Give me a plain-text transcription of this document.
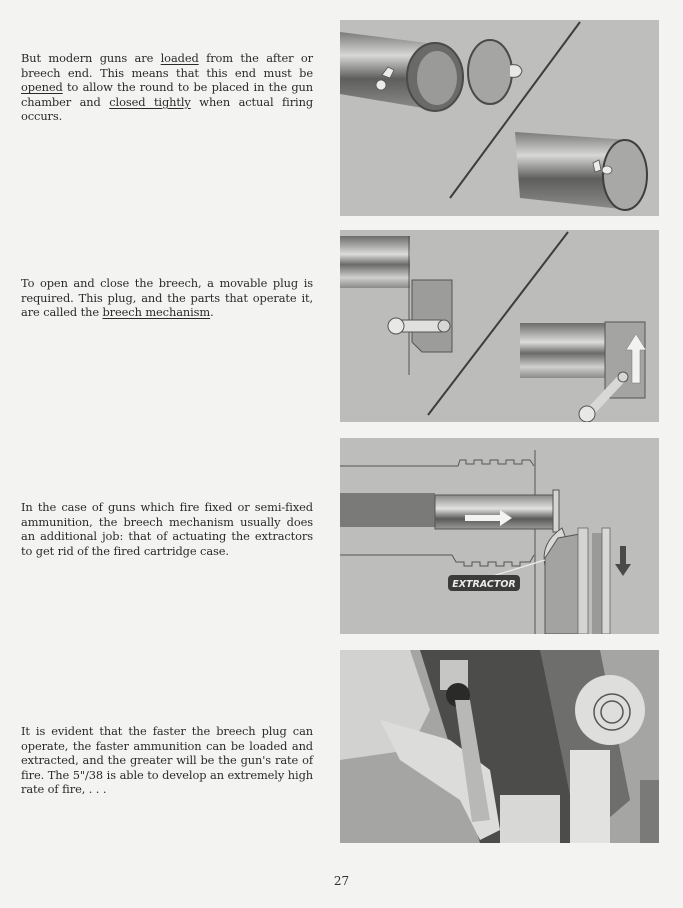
But modern guns are loaded from the after or breech end. This means that this end must be opened to allow the round to be placed in the gun chamber and closed tightly when actual firing occurs.
To open and close the breech, a movable plug is required. This plug, and the parts that operate it, are called the breech mechanism.
In the case of guns which fire fixed or semi-fixed ammunition, the breech mechanism usually does an additional job: that of actuating the extractors to get rid of the fired cartridge case.
It is evident that the faster the breech plug can operate, the faster ammunition can be loaded and extracted, and the greater will be the gun's rate of fire. The 5"/38 is able to develop an extremely high rate of fire, . . .
EXTRACTOR
27
